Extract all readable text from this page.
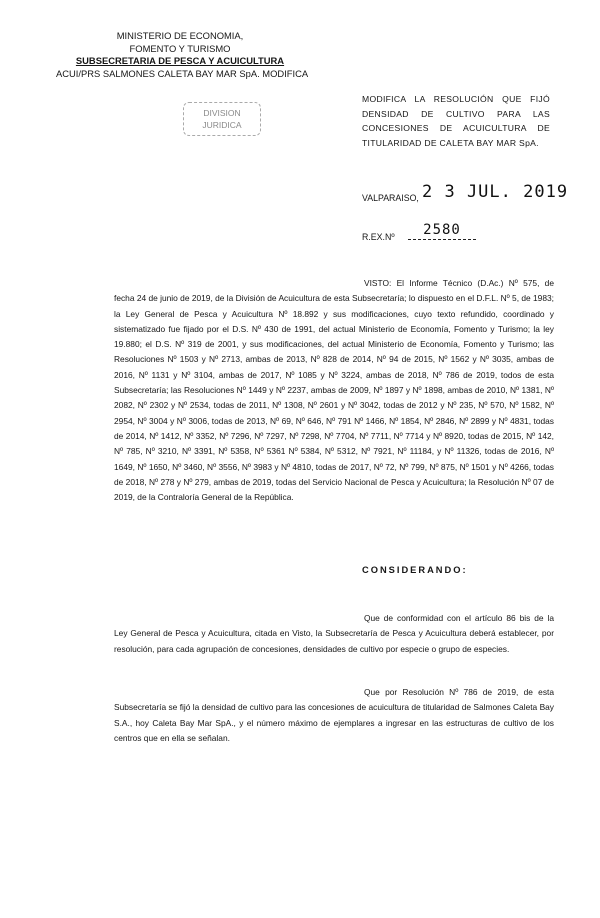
MINISTERIO DE ECONOMIA,
FOMENTO Y TURISMO
SUBSECRETARIA DE PESCA Y ACUICULTURA
ACUI/PRS SALMONES CALETA BAY MAR SpA. MODIFICA
DIVISION
JURIDICA
MODIFICA LA RESOLUCIÓN QUE FIJÓ DENSIDAD DE CULTIVO PARA LAS CONCESIONES DE ACUICULTURA DE TITULARIDAD DE CALETA BAY MAR SpA.
VALPARAISO, 2 3 JUL. 2019
R.EX.Nº	2580
VISTO: El Informe Técnico (D.Ac.) Nº 575, de fecha 24 de junio de 2019, de la División de Acuicultura de esta Subsecretaría; lo dispuesto en el D.F.L. Nº 5, de 1983; la Ley General de Pesca y Acuicultura Nº 18.892 y sus modificaciones, cuyo texto refundido, coordinado y sistematizado fue fijado por el D.S. Nº 430 de 1991, del actual Ministerio de Economía, Fomento y Turismo; la ley 19.880; el D.S. Nº 319 de 2001, y sus modificaciones, del actual Ministerio de Economía, Fomento y Turismo; las Resoluciones Nº 1503 y Nº 2713, ambas de 2013, Nº 828 de 2014, Nº 94 de 2015, Nº 1562 y Nº 3035, ambas de 2016, Nº 1131 y Nº 3104, ambas de 2017, Nº 1085 y Nº 3224, ambas de 2018, Nº 786 de 2019, todos de esta Subsecretaría; las Resoluciones Nº 1449 y Nº 2237, ambas de 2009, Nº 1897 y Nº 1898, ambas de 2010, Nº 1381, Nº 2082, Nº 2302 y Nº 2534, todas de 2011, Nº 1308, Nº 2601 y Nº 3042, todas de 2012 y Nº 235, Nº 570, Nº 1582, Nº 2954, Nº 3004 y Nº 3006, todas de 2013, Nº 69, Nº 646, Nº 791 Nº 1466, Nº 1854, Nº 2846, Nº 2899 y Nº 4831, todas de 2014, Nº 1412, Nº 3352, Nº 7296, Nº 7297, Nº 7298, Nº 7704, Nº 7711, Nº 7714 y Nº 8920, todas de 2015, Nº 142, Nº 785, Nº 3210, Nº 3391, Nº 5358, Nº 5361 Nº 5384, Nº 5312, Nº 7921, Nº 11184, y Nº 11326, todas de 2016, Nº 1649, Nº 1650, Nº 3460, Nº 3556, Nº 3983 y Nº 4810, todas de 2017, Nº 72, Nº 799, Nº 875, Nº 1501 y Nº 4266, todas de 2018, Nº 278 y Nº 279, ambas de 2019, todas del Servicio Nacional de Pesca y Acuicultura; la Resolución Nº 07 de 2019, de la Contraloría General de la República.
CONSIDERANDO:
Que de conformidad con el artículo 86 bis de la Ley General de Pesca y Acuicultura, citada en Visto, la Subsecretaría de Pesca y Acuicultura deberá establecer, por resolución, para cada agrupación de concesiones, densidades de cultivo por especie o grupo de especies.
Que por Resolución Nº 786 de 2019, de esta Subsecretaría se fijó la densidad de cultivo para las concesiones de acuicultura de titularidad de Salmones Caleta Bay S.A., hoy Caleta Bay Mar SpA., y el número máximo de ejemplares a ingresar en las estructuras de cultivo de los centros que en ella se señalan.
